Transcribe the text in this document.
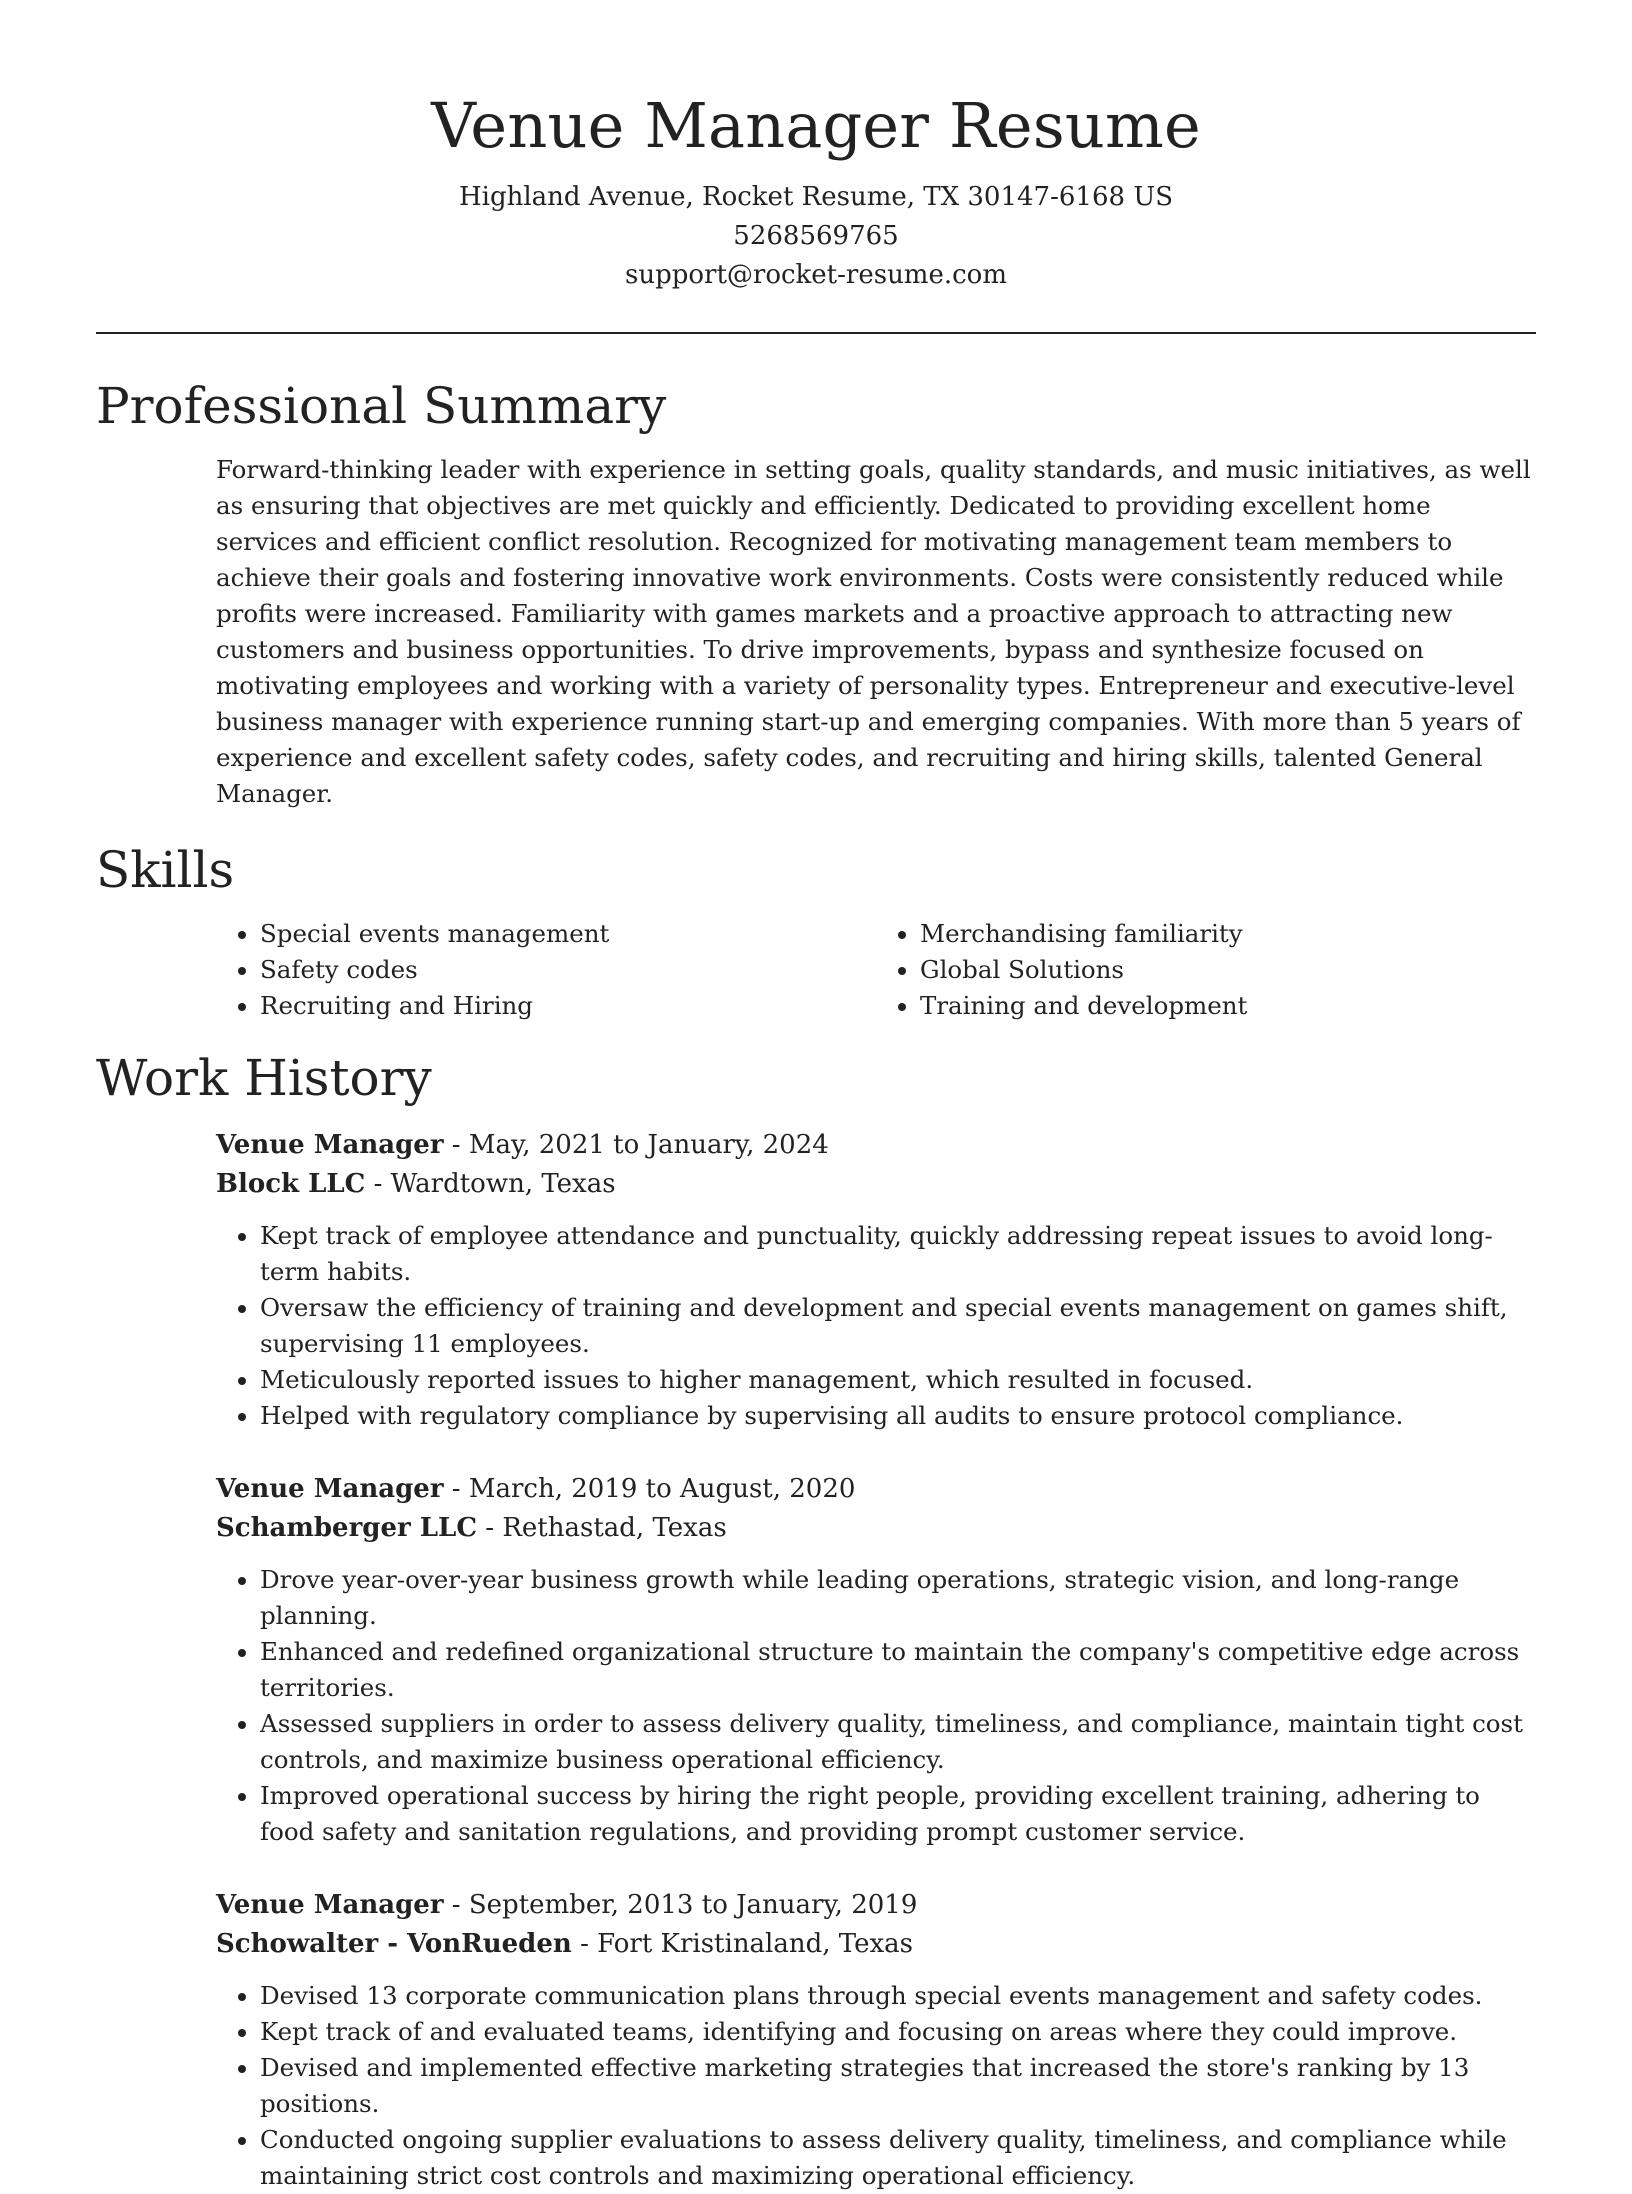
Venue Manager Resume

Highland Avenue, Rocket Resume, TX 30147-6168 US

5268569765

support@rocket-resume.com

Professional Summary

Forward-thinking leader with experience in setting goals, quality standards, and music initiatives, as well as ensuring that objectives are met quickly and efficiently. Dedicated to providing excellent home services and efficient conflict resolution. Recognized for motivating management team members to achieve their goals and fostering innovative work environments. Costs were consistently reduced while profits were increased. Familiarity with games markets and a proactive approach to attracting new customers and business opportunities. To drive improvements, bypass and synthesize focused on motivating employees and working with a variety of personality types. Entrepreneur and executive-level business manager with experience running start-up and emerging companies. With more than 5 years of experience and excellent safety codes, safety codes, and recruiting and hiring skills, talented General Manager.

Skills
• Special events management
• Safety codes
• Recruiting and Hiring
• Merchandising familiarity
• Global Solutions
• Training and development
Work History
Venue Manager - May, 2021 to January, 2024
Block LLC - Wardtown, Texas
• Kept track of employee attendance and punctuality, quickly addressing repeat issues to avoid long-term habits.
• Oversaw the efficiency of training and development and special events management on games shift, supervising 11 employees.
• Meticulously reported issues to higher management, which resulted in focused.
• Helped with regulatory compliance by supervising all audits to ensure protocol compliance.
Venue Manager - March, 2019 to August, 2020
Schamberger LLC - Rethastad, Texas
• Drove year-over-year business growth while leading operations, strategic vision, and long-range planning.
• Enhanced and redefined organizational structure to maintain the company's competitive edge across territories.
• Assessed suppliers in order to assess delivery quality, timeliness, and compliance, maintain tight cost controls, and maximize business operational efficiency.
• Improved operational success by hiring the right people, providing excellent training, adhering to food safety and sanitation regulations, and providing prompt customer service.
Venue Manager - September, 2013 to January, 2019
Schowalter - VonRueden - Fort Kristinaland, Texas
• Devised 13 corporate communication plans through special events management and safety codes.
• Kept track of and evaluated teams, identifying and focusing on areas where they could improve.
• Devised and implemented effective marketing strategies that increased the store's ranking by 13 positions.
• Conducted ongoing supplier evaluations to assess delivery quality, timeliness, and compliance while maintaining strict cost controls and maximizing operational efficiency.
